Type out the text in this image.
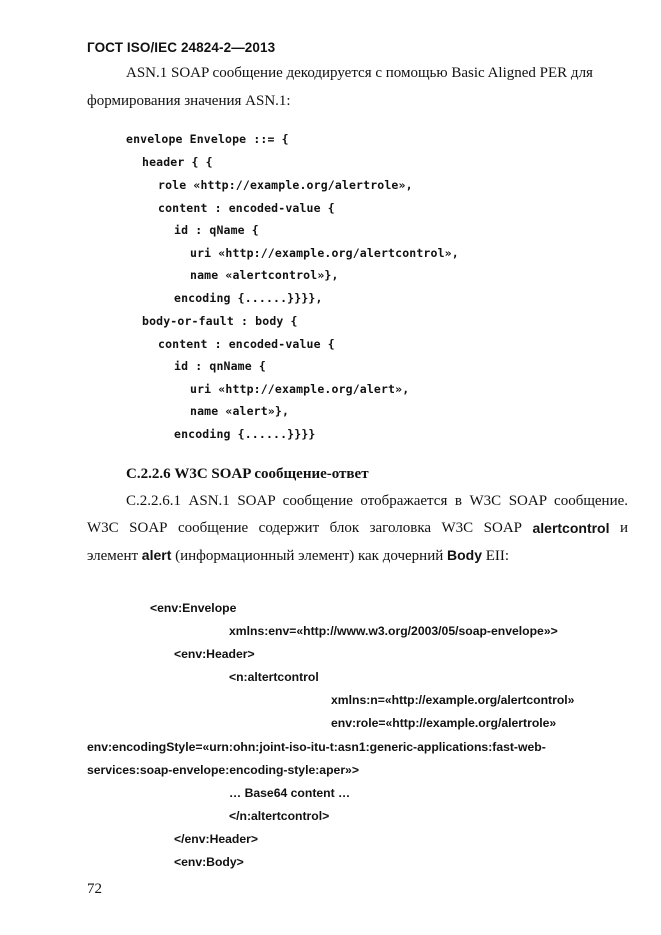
ГОСТ ISO/IEC 24824-2—2013
ASN.1 SOAP сообщение декодируется с помощью Basic Aligned PER для
формирования значения ASN.1:
envelope Envelope ::= {
header { {
role «http://example.org/alertrole»,
content : encoded-value {
id : qName {
uri «http://example.org/alertcontrol»,
name «alertcontrol»},
encoding {......}}}},
body-or-fault : body {
content : encoded-value {
id : qnName {
uri «http://example.org/alert»,
name «alert»},
encoding {......}}}}
С.2.2.6 W3C SOAP сообщение-ответ
С.2.2.6.1 ASN.1 SOAP сообщение отображается в W3C SOAP сообщение.
W3C SOAP сообщение содержит блок заголовка W3C SOAP alertcontrol и
элемент alert (информационный элемент) как дочерний Body EII:
<env:Envelope
xmlns:env=«http://www.w3.org/2003/05/soap-envelope»>
<env:Header>
<n:altertcontrol
xmlns:n=«http://example.org/alertcontrol»
env:role=«http://example.org/alertrole»
env:encodingStyle=«urn:ohn:joint-iso-itu-t:asn1:generic-applications:fast-web-
services:soap-envelope:encoding-style:aper»>
… Base64 content …
</n:altertcontrol>
</env:Header>
<env:Body>
72
